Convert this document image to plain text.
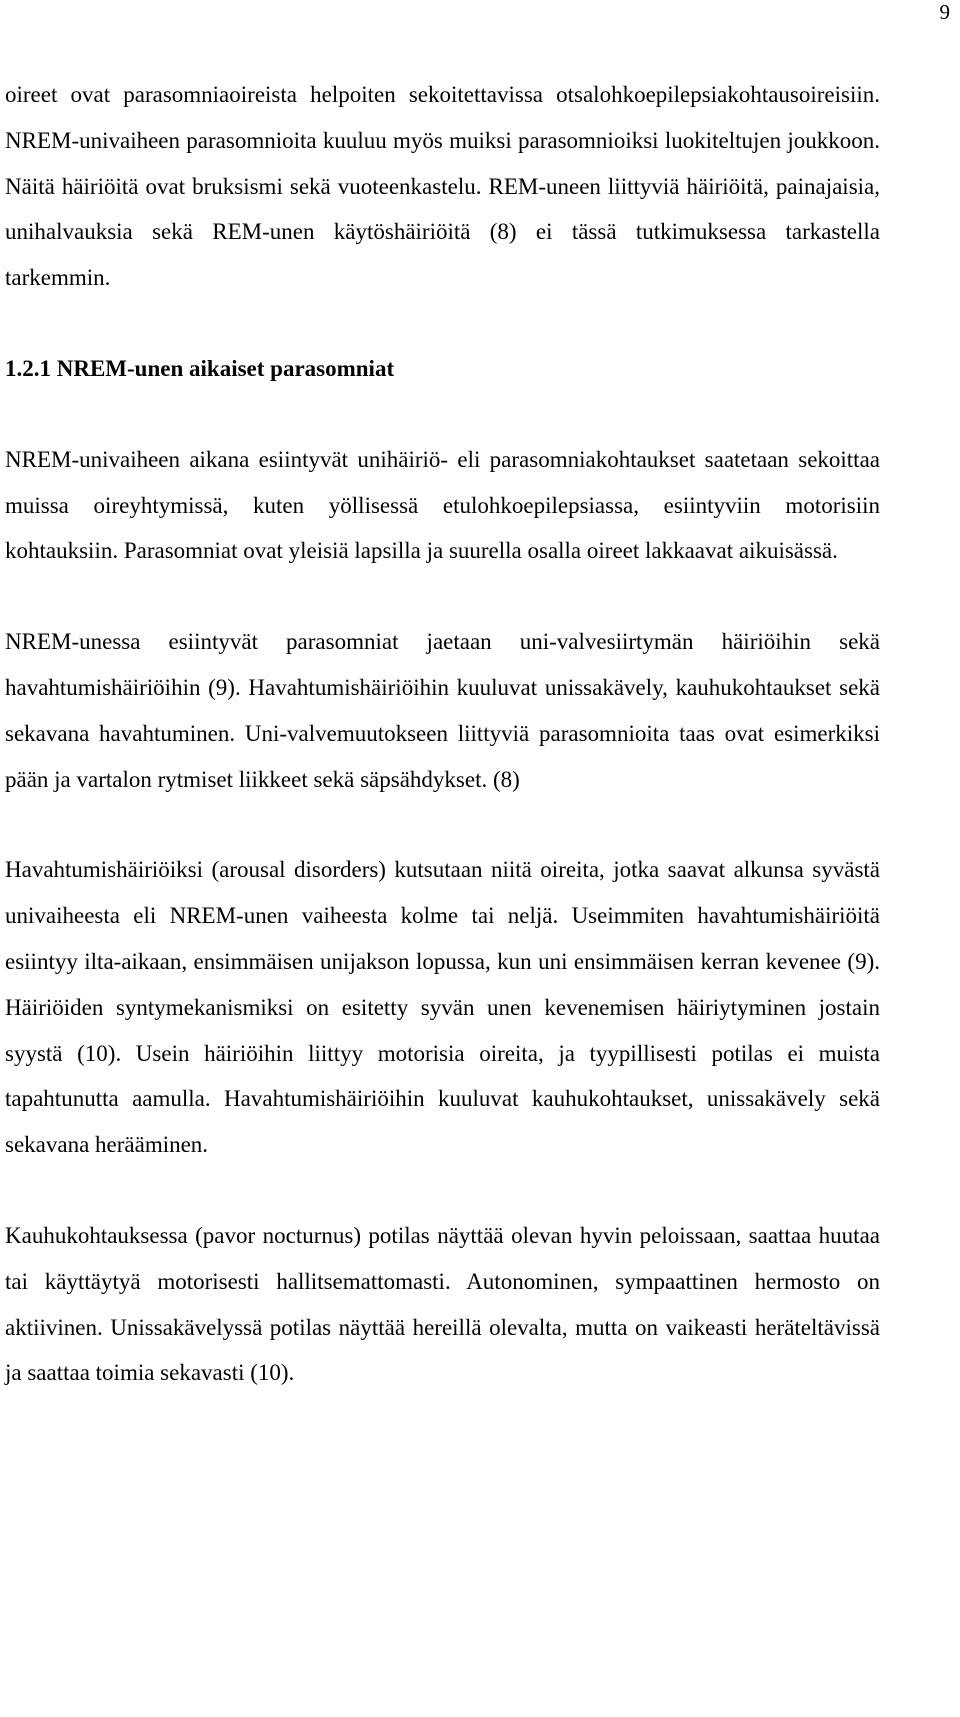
9

oireet ovat parasomniaoireista helpoiten sekoitettavissa otsalohkoepilepsiakohtausoireisiin. NREM-univaiheen parasomnioita kuuluu myös muiksi parasomnioiksi luokiteltujen joukkoon. Näitä häiriöitä ovat bruksismi sekä vuoteenkastelu. REM-uneen liittyviä häiriöitä, painajaisia, unihalvauksia sekä REM-unen käytöshäiriöitä (8) ei tässä tutkimuksessa tarkastella tarkemmin.

1.2.1 NREM-unen aikaiset parasomniat

NREM-univaiheen aikana esiintyvät unihäiriö- eli parasomniakohtaukset saatetaan sekoittaa muissa oireyhtymissä, kuten yöllisessä etulohkoepilepsiassa, esiintyviin motorisiin kohtauksiin. Parasomniat ovat yleisiä lapsilla ja suurella osalla oireet lakkaavat aikuisässä.

NREM-unessa esiintyvät parasomniat jaetaan uni-valvesiirtymän häiriöihin sekä havahtumishäiriöihin (9). Havahtumishäiriöihin kuuluvat unissakävely, kauhukohtaukset sekä sekavana havahtuminen. Uni-valvemuutokseen liittyviä parasomnioita taas ovat esimerkiksi pään ja vartalon rytmiset liikkeet sekä säpsähdykset. (8)

Havahtumishäiriöiksi (arousal disorders) kutsutaan niitä oireita, jotka saavat alkunsa syvästä univaiheesta eli NREM-unen vaiheesta kolme tai neljä. Useimmiten havahtumishäiriöitä esiintyy ilta-aikaan, ensimmäisen unijakson lopussa, kun uni ensimmäisen kerran kevenee (9). Häiriöiden syntymekanismiksi on esitetty syvän unen kevenemisen häiriytyminen jostain syystä (10). Usein häiriöihin liittyy motorisia oireita, ja tyypillisesti potilas ei muista tapahtunutta aamulla. Havahtumishäiriöihin kuuluvat kauhukohtaukset, unissakävely sekä sekavana herääminen.

Kauhukohtauksessa (pavor nocturnus) potilas näyttää olevan hyvin peloissaan, saattaa huutaa tai käyttäytyä motorisesti hallitsemattomasti. Autonominen, sympaattinen hermosto on aktiivinen. Unissakävelyssä potilas näyttää hereillä olevalta, mutta on vaikeasti heräteltävissä ja saattaa toimia sekavasti (10).
